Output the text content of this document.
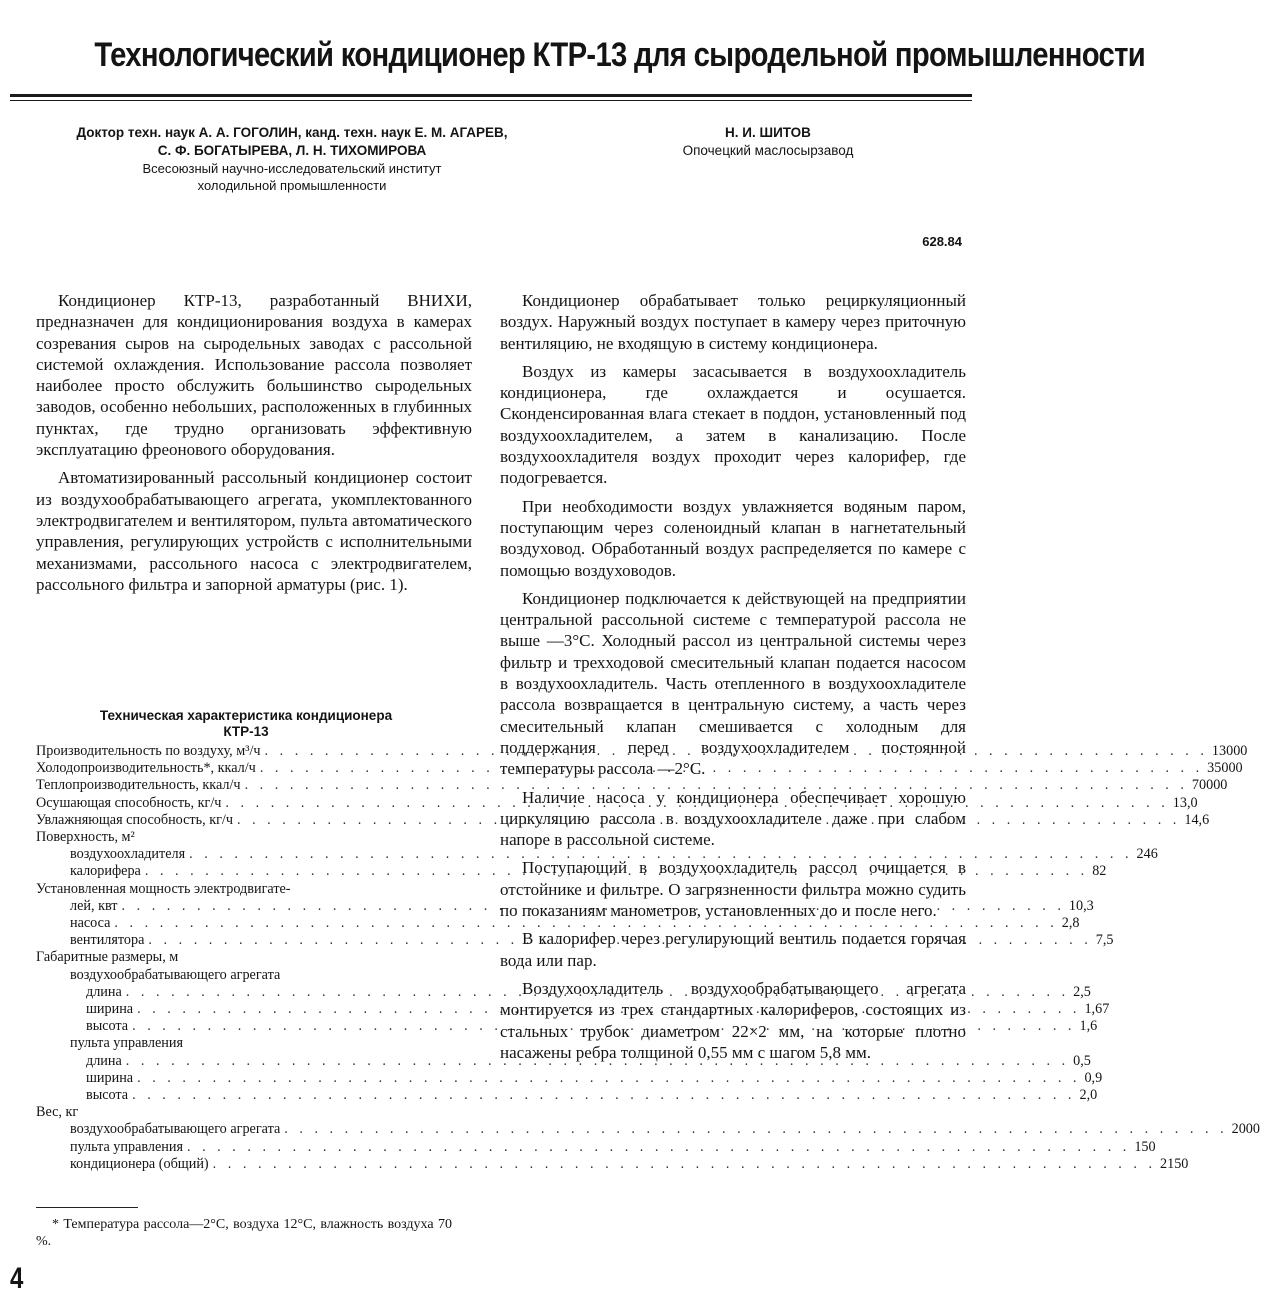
Технологический кондиционер КТР-13 для сыродельной промышленности
Доктор техн. наук А. А. ГОГОЛИН, канд. техн. наук Е. М. АГАРЕВ,
С. Ф. БОГАТЫРЕВА, Л. Н. ТИХОМИРОВА
Всесоюзный научно-исследовательский институт
холодильной промышленности
Н. И. ШИТОВ
Опочецкий маслосырзавод
628.84

Кондиционер КТР-13, разработанный ВНИХИ, предназначен для кондиционирования воздуха в камерах созревания сыров на сыродельных заводах с рассольной системой охлаждения. Использование рассола позволяет наиболее просто обслужить большинство сыродельных заводов, особенно небольших, расположенных в глубинных пунктах, где трудно организовать эффективную эксплуатацию фреонового оборудования.

Автоматизированный рассольный кондиционер состоит из воздухообрабатывающего агрегата, укомплектованного электродвигателем и вентилятором, пульта автоматического управления, регулирующих устройств с исполнительными механизмами, рассольного насоса с электродвигателем, рассольного фильтра и запорной арматуры (рис. 1).

Техническая характеристика кондиционера
КТР-13
Производительность по воздуху, м³/ч . . .	13000
Холодопроизводительность*, ккал/ч . . .	35000
Теплопроизводительность, ккал/ч . . .	70000
Осушающая способность, кг/ч . . .	13,0
Увлажняющая способность, кг/ч . . .	14,6
Поверхность, м²
воздухоохладителя . . .	246
калорифера . . .	82
Установленная мощность электродвигате-
лей, квт . . .	10,3
насоса . . .	2,8
вентилятора . . .	7,5
Габаритные размеры, м
воздухообрабатывающего агрегата
длина . . .	2,5
ширина . . .	1,67
высота . . .	1,6
пульта управления
длина . . .	0,5
ширина . . .	0,9
высота . . .	2,0
Вес, кг
воздухообрабатывающего агрегата . . .	2000
пульта управления . . .	150
кондиционера (общий) . . .	2150
* Температура рассола—2°С, воздуха 12°С, влажность воздуха 70 %.
4

Кондиционер обрабатывает только рециркуляционный воздух. Наружный воздух поступает в камеру через приточную вентиляцию, не входящую в систему кондиционера.

Воздух из камеры засасывается в воздухоохладитель кондиционера, где охлаждается и осушается. Сконденсированная влага стекает в поддон, установленный под воздухоохладителем, а затем в канализацию. После воздухоохладителя воздух проходит через калорифер, где подогревается.

При необходимости воздух увлажняется водяным паром, поступающим через соленоидный клапан в нагнетательный воздуховод. Обработанный воздух распределяется по камере с помощью воздуховодов.

Кондиционер подключается к действующей на предприятии центральной рассольной системе с температурой рассола не выше —3°С. Холодный рассол из центральной системы через фильтр и трехходовой смесительный клапан подается насосом в воздухоохладитель. Часть отепленного в воздухоохладителе рассола возвращается в центральную систему, а часть через смесительный клапан смешивается с холодным для поддержания перед воздухоохладителем постоянной температуры рассола —2°С.

Наличие насоса у кондиционера обеспечивает хорошую циркуляцию рассола в воздухоохладителе даже при слабом напоре в рассольной системе.

Поступающий в воздухоохладитель рассол очищается в отстойнике и фильтре. О загрязненности фильтра можно судить по показаниям манометров, установленных до и после него.

В калорифер через регулирующий вентиль подается горячая вода или пар.

Воздухоохладитель воздухообрабатывающего агрегата монтируется из трех стандартных калориферов, состоящих из стальных трубок диаметром 22×2 мм, на которые плотно насажены ребра толщиной 0,55 мм с шагом 5,8 мм.
